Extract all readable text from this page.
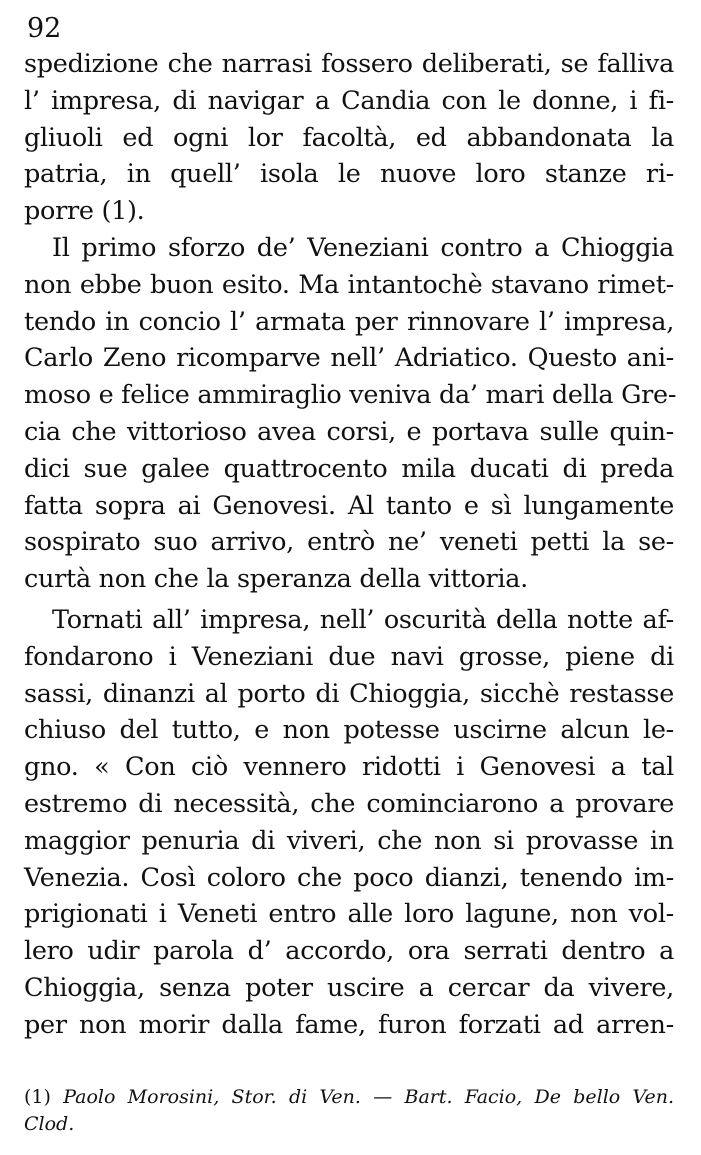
92
spedizione che narrasi fossero deliberati, se falliva
l’ impresa, di navigar a Candia con le donne, i fi-
gliuoli ed ogni lor facoltà, ed abbandonata la
patria, in quell’ isola le nuove loro stanze ri-
porre (1).
Il primo sforzo de’ Veneziani contro a Chioggia
non ebbe buon esito. Ma intantochè stavano rimet-
tendo in concio l’ armata per rinnovare l’ impresa,
Carlo Zeno ricomparve nell’ Adriatico. Questo ani-
moso e felice ammiraglio veniva da’ mari della Gre-
cia che vittorioso avea corsi, e portava sulle quin-
dici sue galee quattrocento mila ducati di preda
fatta sopra ai Genovesi. Al tanto e sì lungamente
sospirato suo arrivo, entrò ne’ veneti petti la se-
curtà non che la speranza della vittoria.
Tornati all’ impresa, nell’ oscurità della notte af-
fondarono i Veneziani due navi grosse, piene di
sassi, dinanzi al porto di Chioggia, sicchè restasse
chiuso del tutto, e non potesse uscirne alcun le-
gno. « Con ciò vennero ridotti i Genovesi a tal
estremo di necessità, che cominciarono a provare
maggior penuria di viveri, che non si provasse in
Venezia. Così coloro che poco dianzi, tenendo im-
prigionati i Veneti entro alle loro lagune, non vol-
lero udir parola d’ accordo, ora serrati dentro a
Chioggia, senza poter uscire a cercar da vivere,
per non morir dalla fame, furon forzati ad arren-
(1) Paolo Morosini, Stor. di Ven. — Bart. Facio, De bello Ven.
Clod.
